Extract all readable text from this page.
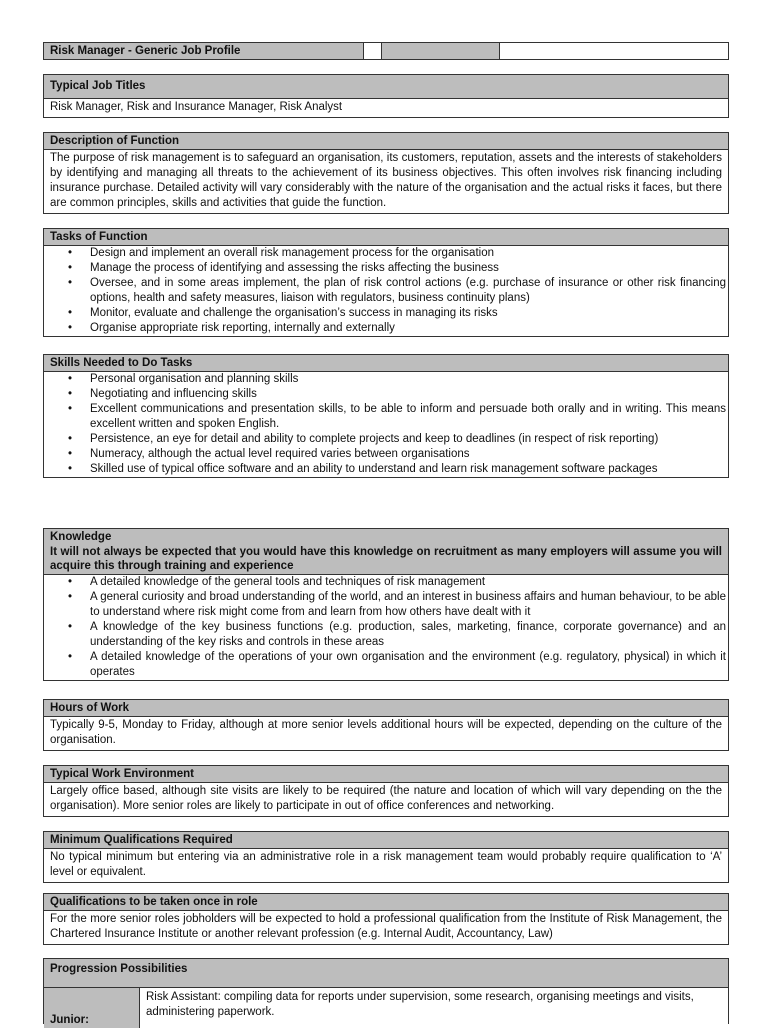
Risk Manager - Generic Job Profile
Typical Job Titles
Risk Manager, Risk and Insurance Manager, Risk Analyst
Description of Function
The purpose of risk management is to safeguard an organisation, its customers, reputation, assets and the interests of stakeholders by identifying and managing all threats to the achievement of its business objectives. This often involves risk financing including insurance purchase. Detailed activity will vary considerably with the nature of the organisation and the actual risks it faces, but there are common principles, skills and activities that guide the function.
Tasks of Function
• Design and implement an overall risk management process for the organisation
• Manage the process of identifying and assessing the risks affecting the business
• Oversee, and in some areas implement, the plan of risk control actions (e.g. purchase of insurance or other risk financing options, health and safety measures, liaison with regulators, business continuity plans)
• Monitor, evaluate and challenge the organisation’s success in managing its risks
• Organise appropriate risk reporting, internally and externally
Skills Needed to Do Tasks
• Personal organisation and planning skills
• Negotiating and influencing skills
• Excellent communications and presentation skills, to be able to inform and persuade both orally and in writing. This means excellent written and spoken English.
• Persistence, an eye for detail and ability to complete projects and keep to deadlines (in respect of risk reporting)
• Numeracy, although the actual level required varies between organisations
• Skilled use of typical office software and an ability to understand and learn risk management software packages
Knowledge
It will not always be expected that you would have this knowledge on recruitment as many employers will assume you will acquire this through training and experience
• A detailed knowledge of the general tools and techniques of risk management
• A general curiosity and broad understanding of the world, and an interest in business affairs and human behaviour, to be able to understand where risk might come from and learn from how others have dealt with it
• A knowledge of the key business functions (e.g. production, sales, marketing, finance, corporate governance) and an understanding of the key risks and controls in these areas
• A detailed knowledge of the operations of your own organisation and the environment (e.g. regulatory, physical) in which it operates
Hours of Work
Typically 9-5, Monday to Friday, although at more senior levels additional hours will be expected, depending on the culture of the organisation.
Typical Work Environment
Largely office based, although site visits are likely to be required (the nature and location of which will vary depending on the the organisation). More senior roles are likely to participate in out of office conferences and networking.
Minimum Qualifications Required
No typical minimum but entering via an administrative role in a risk management team would probably require qualification to ‘A’ level or equivalent.
Qualifications to be taken once in role
For the more senior roles jobholders will be expected to hold a professional qualification from the Institute of Risk Management, the Chartered Insurance Institute or another relevant profession (e.g. Internal Audit, Accountancy, Law)
Progression Possibilities
Junior:
Risk Assistant: compiling data for reports under supervision, some research, organising meetings and visits, administering paperwork.
